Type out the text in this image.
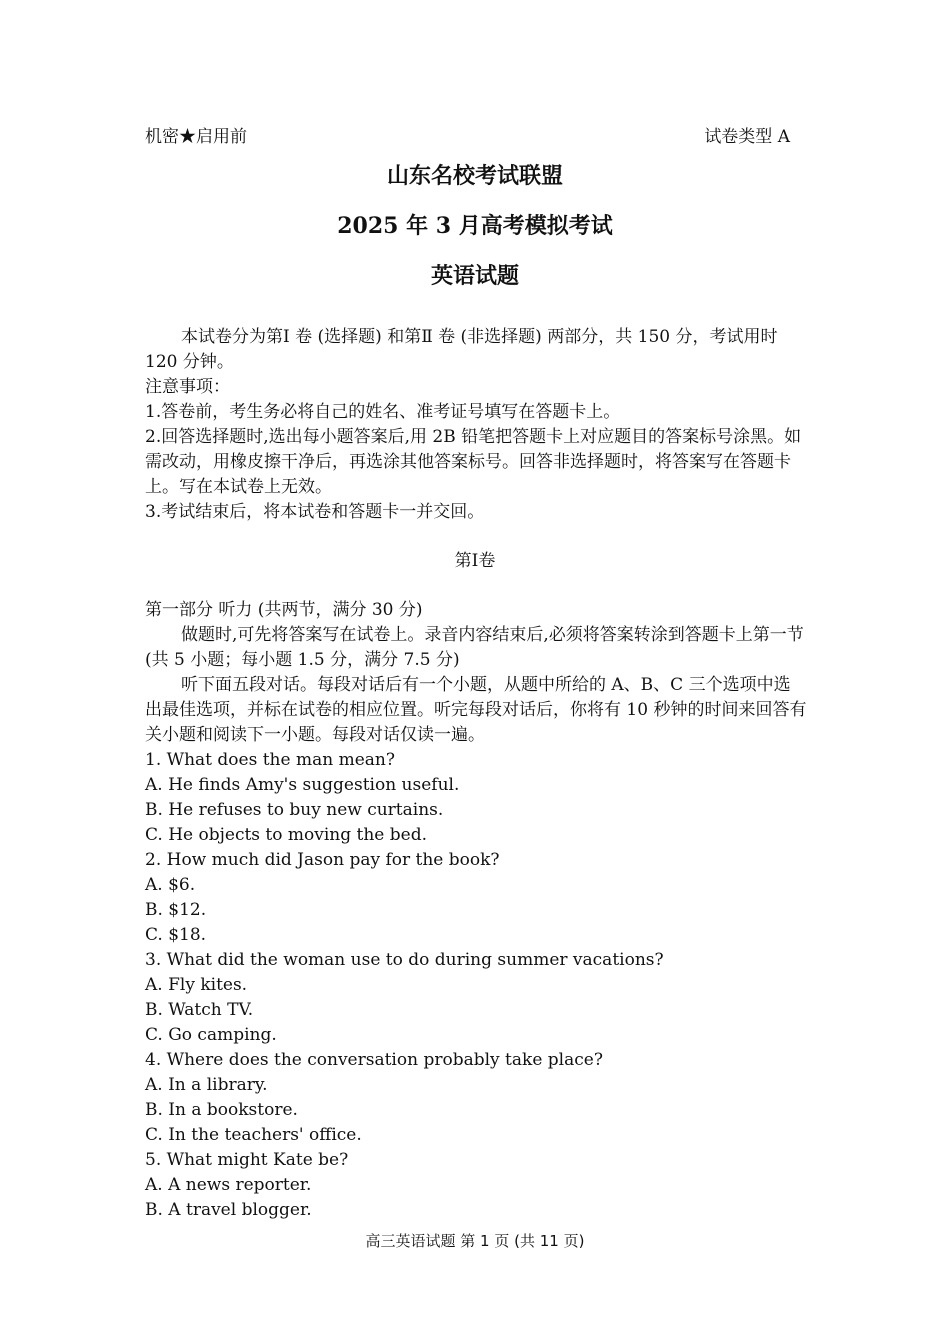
机密★启用前	试卷类型 A
山东名校考试联盟
2025 年 3 月高考模拟考试
英语试题

本试卷分为第Ⅰ 卷 (选择题) 和第Ⅱ 卷 (非选择题) 两部分，共 150 分，考试用时 120 分钟。

注意事项：

1.答卷前，考生务必将自己的姓名、准考证号填写在答题卡上。

2.回答选择题时,选出每小题答案后,用 2B 铅笔把答题卡上对应题目的答案标号涂黑。如需改动，用橡皮擦干净后，再选涂其他答案标号。回答非选择题时，将答案写在答题卡上。写在本试卷上无效。

3.考试结束后，将本试卷和答题卡一并交回。

第Ⅰ卷

第一部分 听力 (共两节，满分 30 分)

做题时,可先将答案写在试卷上。录音内容结束后,必须将答案转涂到答题卡上第一节 (共 5 小题；每小题 1.5 分，满分 7.5 分)

听下面五段对话。每段对话后有一个小题，从题中所给的 A、B、C 三个选项中选出最佳选项，并标在试卷的相应位置。听完每段对话后，你将有 10 秒钟的时间来回答有关小题和阅读下一小题。每段对话仅读一遍。

1. What does the man mean?

A. He finds Amy's suggestion useful.

B. He refuses to buy new curtains.

C. He objects to moving the bed.

2. How much did Jason pay for the book?

A. $6.

B. $12.

C. $18.

3. What did the woman use to do during summer vacations?

A. Fly kites.

B. Watch TV.

C. Go camping.

4. Where does the conversation probably take place?

A. In a library.

B. In a bookstore.

C. In the teachers' office.

5. What might Kate be?

A. A news reporter.

B. A travel blogger.

高三英语试题 第 1 页 (共 11 页)
